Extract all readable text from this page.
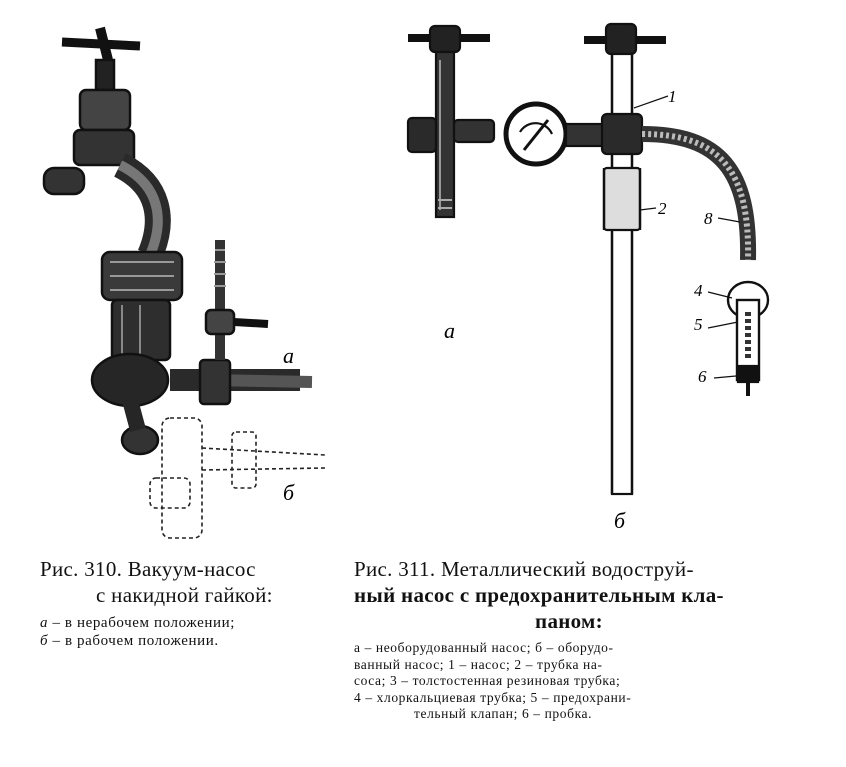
а
б
1
2
8
4
5
6
а
б
Рис. 310. Вакуум-насос
с накидной гайкой:
а – в нерабочем положении;
б – в рабочем положении.
Рис. 311. Металлический водоструй-
ный насос с предохранительным кла-
паном:
а – необорудованный насос; б – оборудо-
ванный насос; 1 – насос; 2 – трубка на-
соса; 3 – толстостенная резиновая трубка;
4 – хлоркальциевая трубка; 5 – предохрани-
тельный клапан; 6 – пробка.
